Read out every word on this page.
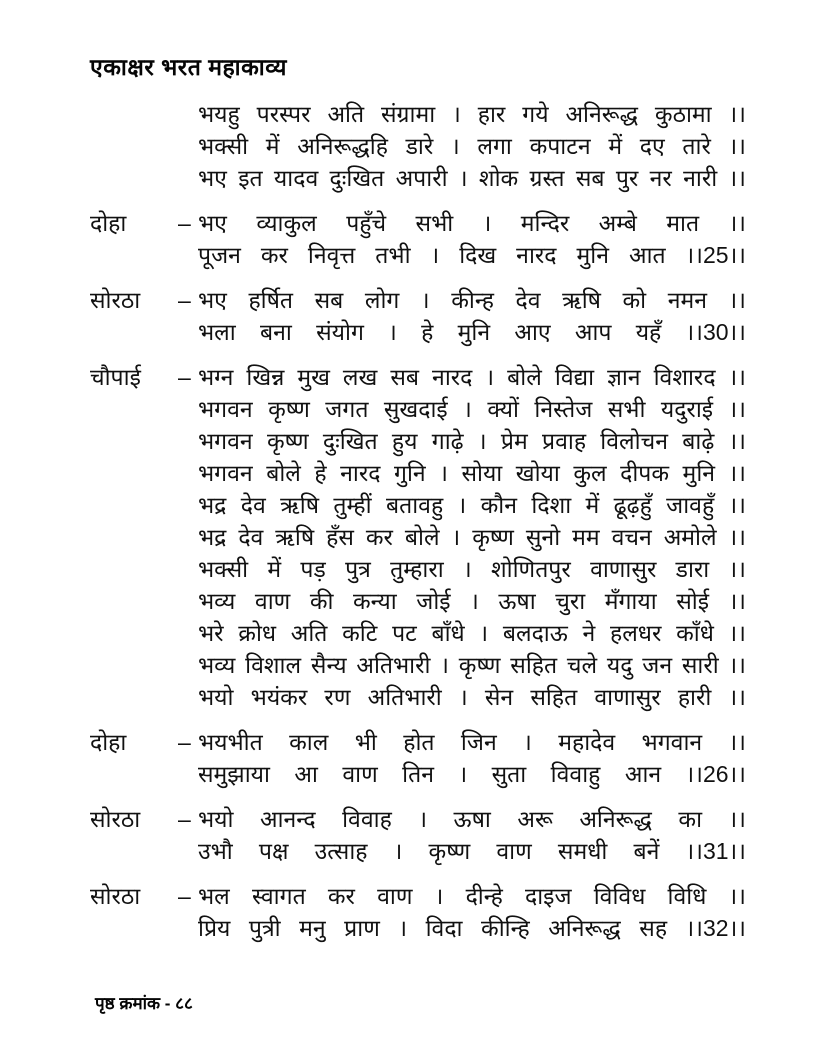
एकाक्षर भरत महाकाव्य
भयहु परस्पर अति संग्रामा । हार गये अनिरूद्ध कुठामा ।।
भक्सी में अनिरूद्धहि डारे । लगा कपाटन में दए तारे ।।
भए इत यादव दुःखित अपारी । शोक ग्रस्त सब पुर नर नारी ।।
दोहा	– भए व्याकुल पहुँचे सभी । मन्दिर अम्बे मात ।।
पूजन कर निवृत्त तभी । दिख नारद मुनि आत ।।25।।
सोरठा	– भए हर्षित सब लोग । कीन्ह देव ऋषि को नमन ।।
भला बना संयोग । हे मुनि आए आप यहँ ।।30।।
चौपाई	– भग्न खिन्न मुख लख सब नारद । बोले विद्या ज्ञान विशारद ।।
भगवन कृष्ण जगत सुखदाई । क्यों निस्तेज सभी यदुराई ।।
भगवन कृष्ण दुःखित हुय गाढ़े । प्रेम प्रवाह विलोचन बाढ़े ।।
भगवन बोले हे नारद गुनि । सोया खोया कुल दीपक मुनि ।।
भद्र देव ऋषि तुम्हीं बतावहु । कौन दिशा में ढूढ़हुँ जावहुँ ।।
भद्र देव ऋषि हँस कर बोले । कृष्ण सुनो मम वचन अमोले ।।
भक्सी में पड़ पुत्र तुम्हारा । शोणितपुर वाणासुर डारा ।।
भव्य वाण की कन्या जोई । ऊषा चुरा मँगाया सोई ।।
भरे क्रोध अति कटि पट बाँधे । बलदाऊ ने हलधर काँधे ।।
भव्य विशाल सैन्य अतिभारी । कृष्ण सहित चले यदु जन सारी ।।
भयो भयंकर रण अतिभारी । सेन सहित वाणासुर हारी ।।
दोहा	– भयभीत काल भी होत जिन । महादेव भगवान ।।
समुझाया आ वाण तिन । सुता विवाहु आन ।।26।।
सोरठा	– भयो आनन्द विवाह । ऊषा अरू अनिरूद्ध का ।।
उभौ पक्ष उत्साह । कृष्ण वाण समधी बनें ।।31।।
सोरठा	– भल स्वागत कर वाण । दीन्हे दाइज विविध विधि ।।
प्रिय पुत्री मनु प्राण । विदा कीन्हि अनिरूद्ध सह ।।32।।
पृष्ठ क्रमांक - ८८
